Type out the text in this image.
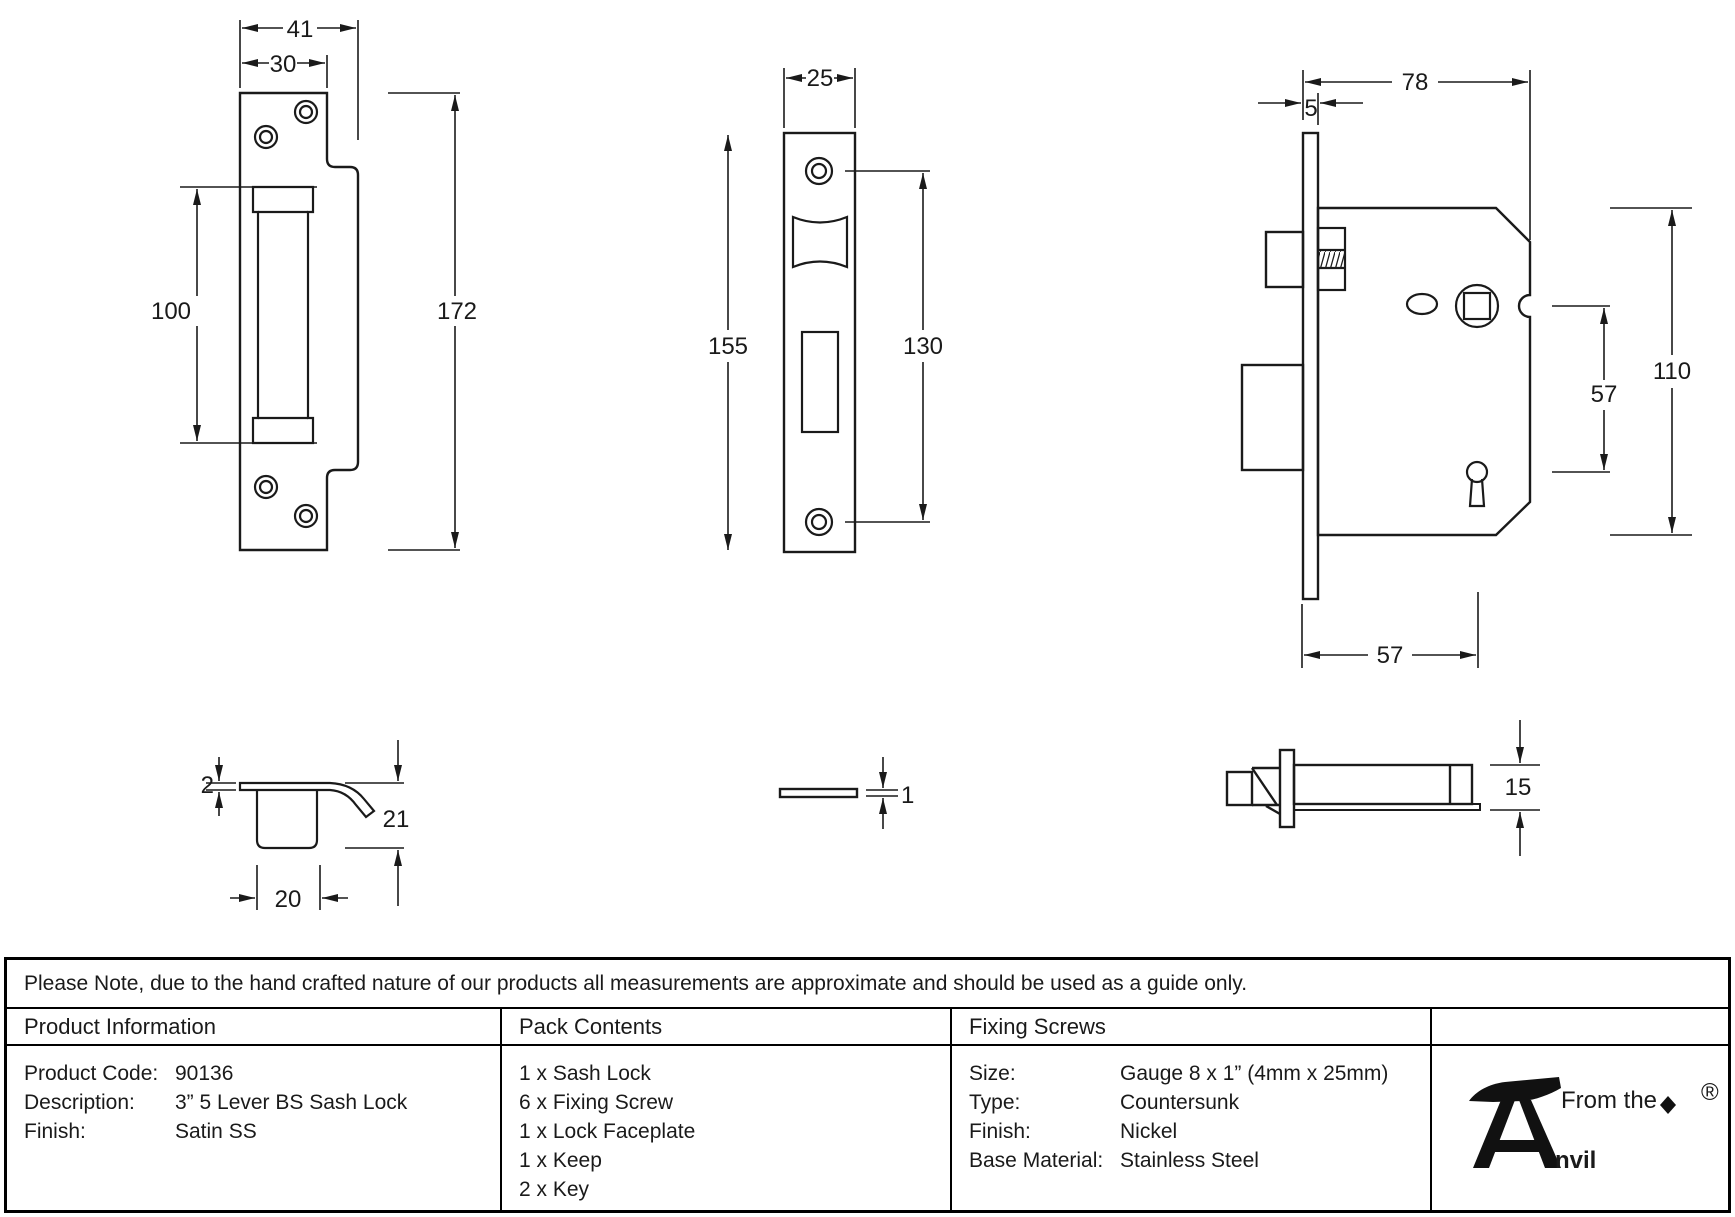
41
30
100	172
25
155	130
78
5
110
57
57
2
21
20
1	15
Please Note, due to the hand crafted nature of our products all measurements are approximate and should be used as a guide only.
Product Information	Pack Contents	Fixing Screws
Product Code: 90136
Description:	3” 5 Lever BS Sash Lock
Finish:	Satin SS
1 x Sash Lock
6 x Fixing Screw
1 x Lock Faceplate
1 x Keep
2 x Key
Size:	Gauge 8 x 1” (4mm x 25mm)
Type:	Countersunk
Finish:	Nickel
Base Material: Stainless Steel
From the
nvil
®
